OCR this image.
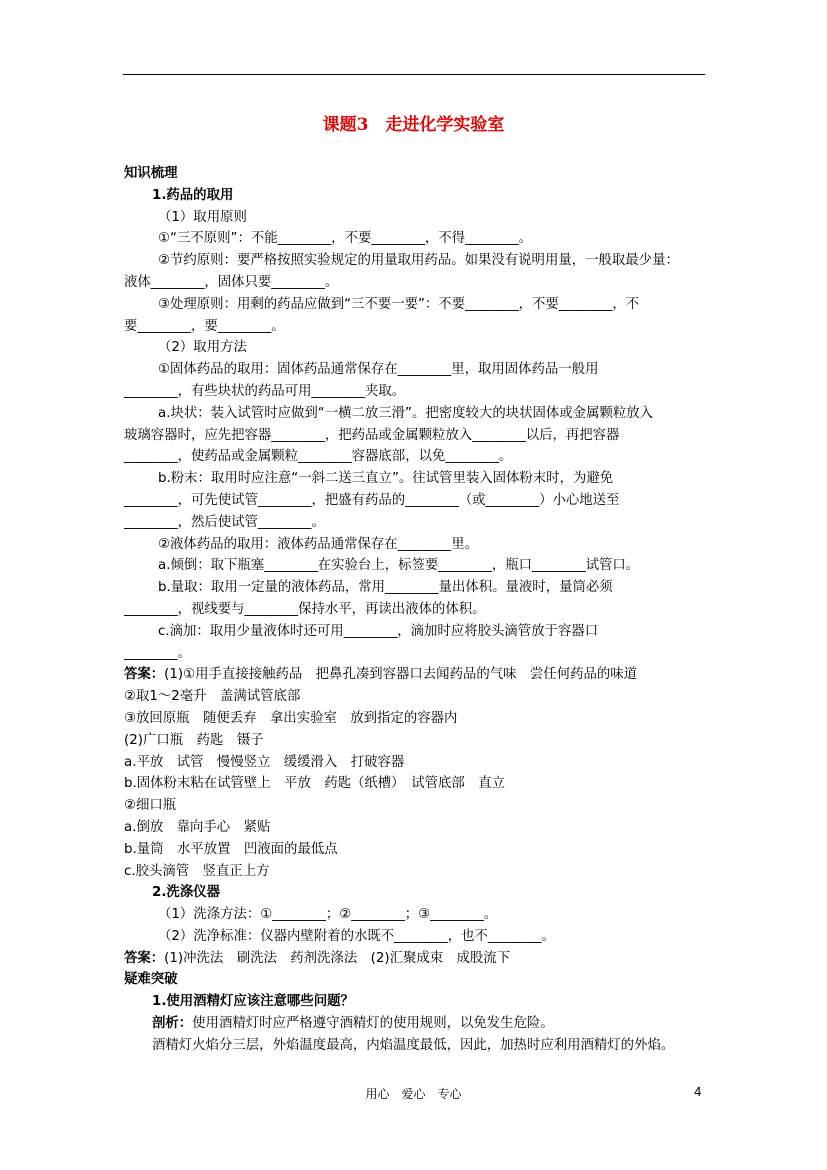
课题3　走进化学实验室
知识梳理
1.药品的取用
（1）取用原则
①“三不原则”：不能________，不要________，不得________。
②节约原则：要严格按照实验规定的用量取用药品。如果没有说明用量，一般取最少量：
液体________，固体只要________。
③处理原则：用剩的药品应做到“三不要一要”：不要________，不要________，不
要________，要________。
（2）取用方法
①固体药品的取用：固体药品通常保存在________里，取用固体药品一般用
________，有些块状的药品可用________夹取。
a.块状：装入试管时应做到“一横二放三滑”。把密度较大的块状固体或金属颗粒放入
玻璃容器时，应先把容器________，把药品或金属颗粒放入________以后，再把容器
________，使药品或金属颗粒________容器底部，以免________。
b.粉末：取用时应注意“一斜二送三直立”。往试管里装入固体粉末时，为避免
________，可先使试管________，把盛有药品的________（或________）小心地送至
________，然后使试管________。
②液体药品的取用：液体药品通常保存在________里。
a.倾倒：取下瓶塞________在实验台上，标签要________，瓶口________试管口。
b.量取：取用一定量的液体药品，常用________量出体积。量液时，量筒必须
________，视线要与________保持水平，再读出液体的体积。
c.滴加：取用少量液体时还可用________，滴加时应将胶头滴管放于容器口
________。
答案：(1)①用手直接接触药品　把鼻孔凑到容器口去闻药品的气味　尝任何药品的味道
②取1～2毫升　盖满试管底部
③放回原瓶　随便丢弃　拿出实验室　放到指定的容器内
(2)广口瓶　药匙　镊子
a.平放　试管　慢慢竖立　缓缓滑入　打破容器
b.固体粉末粘在试管壁上　平放　药匙（纸槽）　试管底部　直立
②细口瓶
a.倒放　靠向手心　紧贴
b.量筒　水平放置　凹液面的最低点
c.胶头滴管　竖直正上方
2.洗涤仪器
（1）洗涤方法：①________；②________；③________。
（2）洗净标准：仪器内壁附着的水既不________，也不________。
答案：(1)冲洗法　刷洗法　药剂洗涤法　(2)汇聚成束　成股流下
疑难突破
1.使用酒精灯应该注意哪些问题？
剖析：使用酒精灯时应严格遵守酒精灯的使用规则，以免发生危险。
酒精灯火焰分三层，外焰温度最高，内焰温度最低，因此，加热时应利用酒精灯的外焰。
用心　爱心　专心	4
